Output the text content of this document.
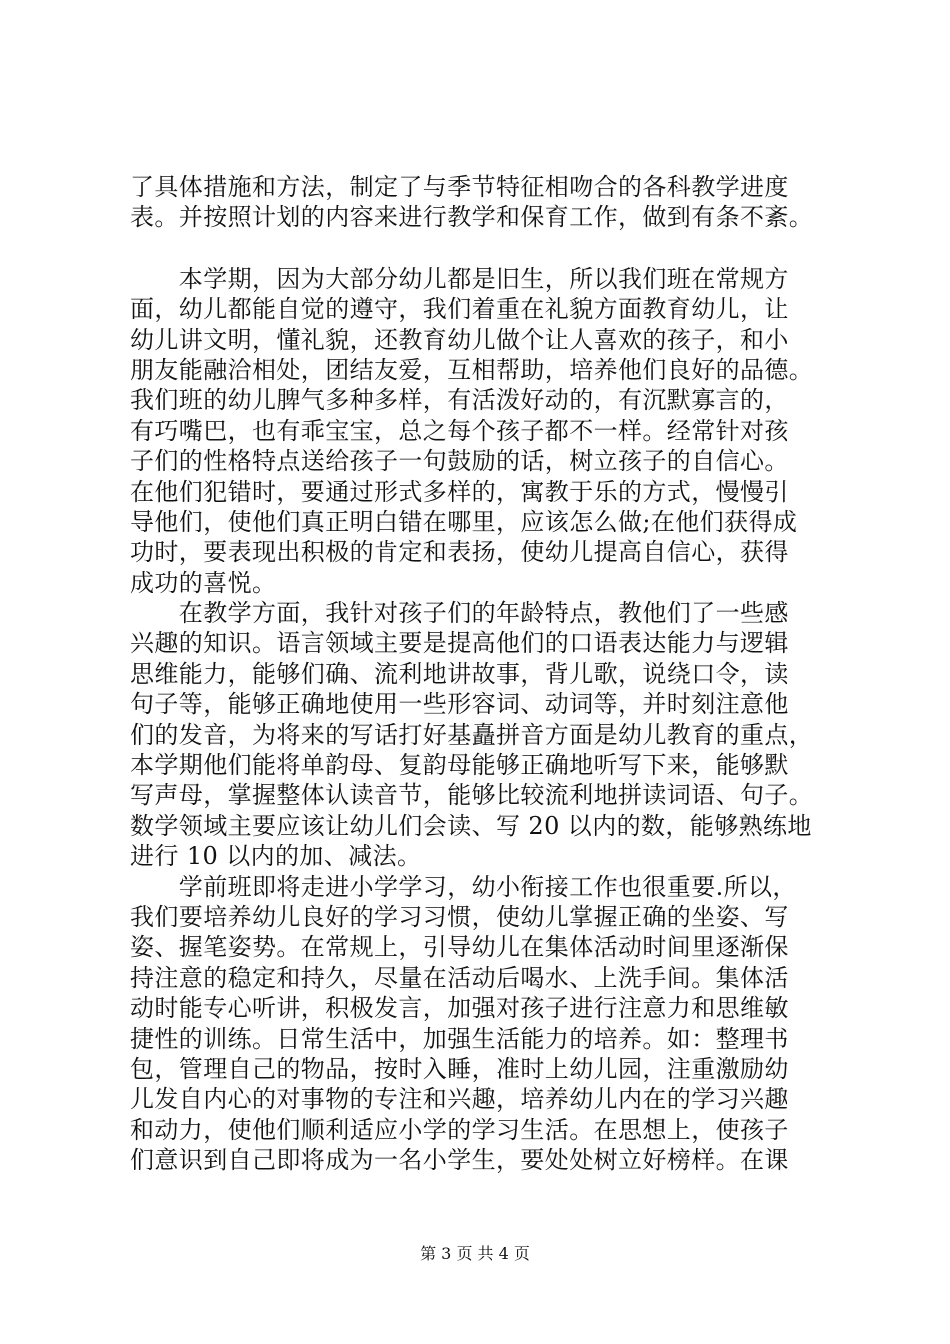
了具体措施和方法，制定了与季节特征相吻合的各科教学进度
表。并按照计划的内容来进行教学和保育工作，做到有条不紊。
　　本学期，因为大部分幼儿都是旧生，所以我们班在常规方
面，幼儿都能自觉的遵守，我们着重在礼貌方面教育幼儿，让
幼儿讲文明，懂礼貌，还教育幼儿做个让人喜欢的孩子，和小
朋友能融洽相处，团结友爱，互相帮助，培养他们良好的品德。
我们班的幼儿脾气多种多样，有活泼好动的，有沉默寡言的，
有巧嘴巴，也有乖宝宝，总之每个孩子都不一样。经常针对孩
子们的性格特点送给孩子一句鼓励的话，树立孩子的自信心。
在他们犯错时，要通过形式多样的，寓教于乐的方式，慢慢引
导他们，使他们真正明白错在哪里，应该怎么做;在他们获得成
功时，要表现出积极的肯定和表扬，使幼儿提高自信心，获得
成功的喜悦。
　　在教学方面，我针对孩子们的年龄特点，教他们了一些感
兴趣的知识。语言领域主要是提高他们的口语表达能力与逻辑
思维能力，能够们确、流利地讲故事，背儿歌，说绕口令，读
句子等，能够正确地使用一些形容词、动词等，并时刻注意他
们的发音，为将来的写话打好基矗拼音方面是幼儿教育的重点，
本学期他们能将单韵母、复韵母能够正确地听写下来，能够默
写声母，掌握整体认读音节，能够比较流利地拼读词语、句子。
数学领域主要应该让幼儿们会读、写 20 以内的数，能够熟练地
进行 10 以内的加、减法。
　　学前班即将走进小学学习，幼小衔接工作也很重要.所以，
我们要培养幼儿良好的学习习惯，使幼儿掌握正确的坐姿、写
姿、握笔姿势。在常规上，引导幼儿在集体活动时间里逐渐保
持注意的稳定和持久，尽量在活动后喝水、上洗手间。集体活
动时能专心听讲，积极发言，加强对孩子进行注意力和思维敏
捷性的训练。日常生活中，加强生活能力的培养。如：整理书
包，管理自己的物品，按时入睡，准时上幼儿园，注重激励幼
儿发自内心的对事物的专注和兴趣，培养幼儿内在的学习兴趣
和动力，使他们顺利适应小学的学习生活。在思想上，使孩子
们意识到自己即将成为一名小学生，要处处树立好榜样。在课
第 3 页 共 4 页
